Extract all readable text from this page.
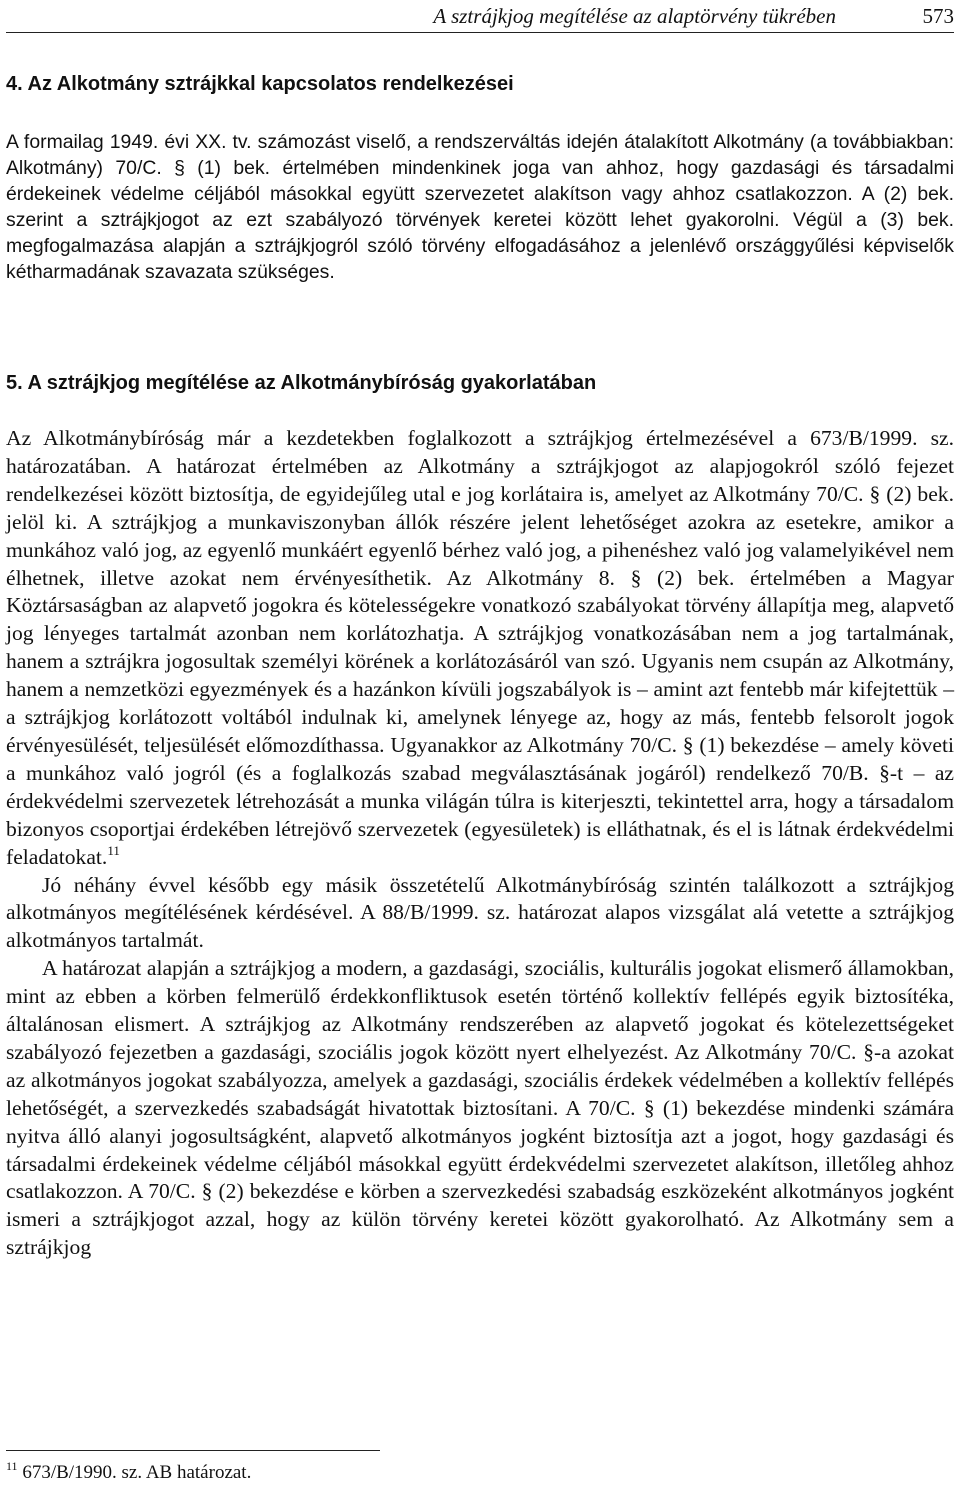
A sztrájkjog megítélése az alaptörvény tükrében	573
4. Az Alkotmány sztrájkkal kapcsolatos rendelkezései

A formailag 1949. évi XX. tv. számozást viselő, a rendszerváltás idején átalakított Alkotmány (a továbbiakban: Alkotmány) 70/C. § (1) bek. értelmében mindenkinek joga van ahhoz, hogy gazdasági és társadalmi érdekeinek védelme céljából másokkal együtt szervezetet alakítson vagy ahhoz csatlakozzon. A (2) bek. szerint a sztrájkjogot az ezt szabályozó törvények keretei között lehet gyakorolni. Végül a (3) bek. megfogalmazása alapján a sztrájkjogról szóló törvény elfogadásához a jelenlévő országgyűlési képviselők kétharmadának szavazata szükséges.

5. A sztrájkjog megítélése az Alkotmánybíróság gyakorlatában

Az Alkotmánybíróság már a kezdetekben foglalkozott a sztrájkjog értelmezésével a 673/B/1999. sz. határozatában. A határozat értelmében az Alkotmány a sztrájkjogot az alapjogokról szóló fejezet rendelkezései között biztosítja, de egyidejűleg utal e jog korlátaira is, amelyet az Alkotmány 70/C. § (2) bek. jelöl ki. A sztrájkjog a munkaviszonyban állók részére jelent lehetőséget azokra az esetekre, amikor a munkához való jog, az egyenlő munkáért egyenlő bérhez való jog, a pihenéshez való jog valamelyikével nem élhetnek, illetve azokat nem érvényesíthetik. Az Alkotmány 8. § (2) bek. értelmében a Magyar Köztársaságban az alapvető jogokra és kötelességekre vonatkozó szabályokat törvény állapítja meg, alapvető jog lényeges tartalmát azonban nem korlátozhatja. A sztrájkjog vonatkozásában nem a jog tartalmának, hanem a sztrájkra jogosultak személyi körének a korlátozásáról van szó. Ugyanis nem csupán az Alkotmány, hanem a nemzetközi egyezmények és a hazánkon kívüli jogszabályok is – amint azt fentebb már kifejtettük – a sztrájkjog korlátozott voltából indulnak ki, amelynek lényege az, hogy az más, fentebb felsorolt jogok érvényesülését, teljesülését előmozdíthassa. Ugyanakkor az Alkotmány 70/C. § (1) bekezdése – amely követi a munkához való jogról (és a foglalkozás szabad megválasztásának jogáról) rendelkező 70/B. §-t – az érdekvédelmi szervezetek létrehozását a munka világán túlra is kiterjeszti, tekintettel arra, hogy a társadalom bizonyos csoportjai érdekében létrejövő szervezetek (egyesületek) is elláthatnak, és el is látnak érdekvédelmi feladatokat.$^{11}$

Jó néhány évvel később egy másik összetételű Alkotmánybíróság szintén találkozott a sztrájkjog alkotmányos megítélésének kérdésével. A 88/B/1999. sz. határozat alapos vizsgálat alá vetette a sztrájkjog alkotmányos tartalmát.

A határozat alapján a sztrájkjog a modern, a gazdasági, szociális, kulturális jogokat elismerő államokban, mint az ebben a körben felmerülő érdekkonfliktusok esetén történő kollektív fellépés egyik biztosítéka, általánosan elismert. A sztrájkjog az Alkotmány rendszerében az alapvető jogokat és kötelezettségeket szabályozó fejezetben a gazdasági, szociális jogok között nyert elhelyezést. Az Alkotmány 70/C. §-a azokat az alkotmányos jogokat szabályozza, amelyek a gazdasági, szociális érdekek védelmében a kollektív fellépés lehetőségét, a szervezkedés szabadságát hivatottak biztosítani. A 70/C. § (1) bekezdése mindenki számára nyitva álló alanyi jogosultságként, alapvető alkotmányos jogként biztosítja azt a jogot, hogy gazdasági és társadalmi érdekeinek védelme céljából másokkal együtt érdekvédelmi szervezetet alakítson, illetőleg ahhoz csatlakozzon. A 70/C. § (2) bekezdése e körben a szervezkedési szabadság eszközeként alkotmányos jogként ismeri a sztrájkjogot azzal, hogy az külön törvény keretei között gyakorolható. Az Alkotmány sem a sztrájkjog

$^{11}$ 673/B/1990. sz. AB határozat.
